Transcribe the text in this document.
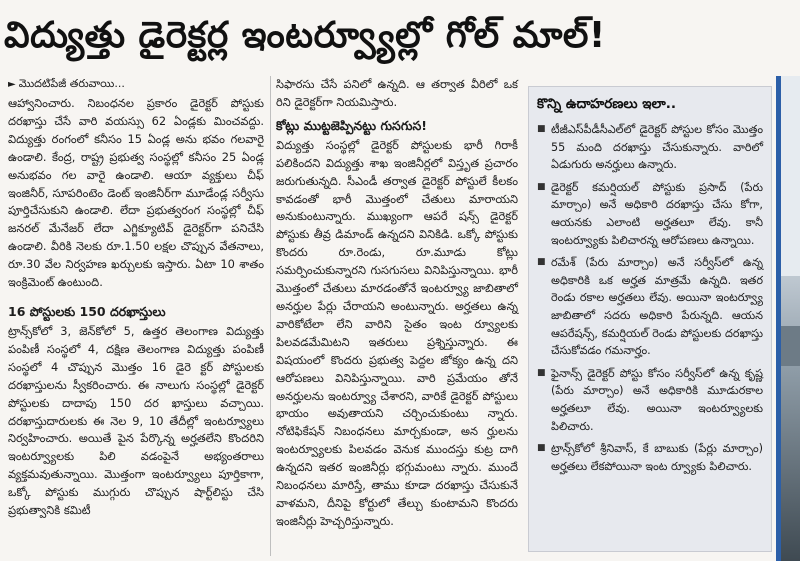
విద్యుత్తు డైరెక్టర్ల ఇంటర్వ్యూల్లో గోల్ మాల్!
► మొదటిపేజీ తరువాయి...

ఆహ్వానించారు. నిబంధనల ప్రకారం డైరెక్టర్ పోస్టుకు దరఖాస్తు చేసే వారి వయస్సు 62 ఏండ్లకు మించవద్దు. విద్యుత్తు రంగంలో కనీసం 15 ఏండ్ల అను భవం గలవారై ఉండాలి. కేంద్ర, రాష్ట్ర ప్రభుత్వ సంస్థల్లో కనీసం 25 ఏండ్ల అనుభవం గల వారై ఉండాలి. ఆయా వ్యక్తులు చీఫ్ ఇంజినీర్, సూపరింటెం డెంట్ ఇంజినీర్‌గా మూడేండ్ల సర్వీసు పూర్తిచేసుకుని ఉండాలి. లేదా ప్రభుత్వరంగ సంస్థల్లో చీఫ్ జనరల్ మేనేజర్ లేదా ఎగ్జిక్యూటివ్ డైరెక్టర్‌గా పనిచేసి ఉండాలి. వీరికి నెలకు రూ.1.50 లక్షల చొప్పున వేతనాలు, రూ.30 వేల నిర్వహణ ఖర్చులకు ఇస్తారు. ఏటా 10 శాతం ఇంక్రిమెంట్ ఉంటుంది.

16 పోస్టులకు 150 దరఖాస్తులు

ట్రాన్స్‌కోలో 3, జెన్‌కోలో 5, ఉత్తర తెలంగాణ విద్యుత్తు పంపిణీ సంస్థలో 4, దక్షిణ తెలంగాణ విద్యుత్తు పంపిణీ సంస్థలో 4 చొప్పున మొత్తం 16 డైరె క్టర్ పోస్టులకు దరఖాస్తులను స్వీకరించారు. ఈ నాలుగు సంస్థల్లో డైరెక్టర్ పోస్టులకు దాదాపు 150 దర ఖాస్తులు వచ్చాయి. దరఖాస్తుదారులకు ఈ నెల 9, 10 తేదీల్లో ఇంటర్వ్యూలు నిర్వహించారు. అయితే పైన పేర్కొన్న అర్హతలేని కొందరిని ఇంటర్వ్యూలకు పిలి వడంపైనే అభ్యంతరాలు వ్యక్తమవుతున్నాయి. మొత్తంగా ఇంటర్వ్యూలు పూర్తికాగా, ఒక్కో పోస్టుకు ముగ్గురు చొప్పున షార్ట్‌లిస్టు చేసి ప్రభుత్వానికి కమిటీ

సిఫారసు చేసే పనిలో ఉన్నది. ఆ తర్వాత వీరిలో ఒక రిని డైరెక్టర్‌గా నియమిస్తారు.

కోట్లు ముట్టజెప్పినట్టు గుసగుస!

విద్యుత్తు సంస్థల్లో డైరెక్టర్ పోస్టులకు భారీ గిరాకీ పలికిందని విద్యుత్తు శాఖ ఇంజినీర్లలో విస్తృత ప్రచారం జరుగుతున్నది. సీఎండీ తర్వాత డైరెక్టర్ పోస్టులే కీలకం కావడంతో భారీ మొత్తంలో చేతులు మారాయని అనుకుంటున్నారు. ముఖ్యంగా ఆపరే షన్స్ డైరెక్టర్ పోస్టుకు తీవ్ర డిమాండ్ ఉన్నదని వినికిడి. ఒక్కో పోస్టుకు కొందరు రూ.రెండు, రూ.మూడు కోట్లు సమర్పించుకున్నారని గుసగుసలు వినిపిస్తున్నాయి. భారీ మొత్తంలో చేతులు మారడంతోనే ఇంటర్వ్యూ జాబితాలో అనర్హుల పేర్లు చేరాయని అంటున్నారు. అర్హతలు ఉన్న వారికోటేలా లేని వారిని సైతం ఇంట ర్వ్యూలకు పిలవడమేమిటని ఇతరులు ప్రశ్నిస్తున్నారు. ఈ విషయంలో కొందరు ప్రభుత్వ పెద్దల జోక్యం ఉన్న దని ఆరోపణలు వినిపిస్తున్నాయి. వారి ప్రమేయం తోనే అనర్హులను ఇంటర్వ్యూ చేశారని, వారికే డైరెక్టర్ పోస్టులు భాయం అవుతాయని చర్చించుకుంటు న్నారు. నోటిఫికేషన్ నిబంధనలు మార్చకుండా, అన ర్హులను ఇంటర్వ్యూలకు పిలవడం వెనుక ముందస్తు కుట్ర దాగి ఉన్నదని ఇతర ఇంజినీర్లు భగ్గుమంటు న్నారు. ముందే నిబంధనలు మారిస్తే, తాము కూడా దరఖాస్తు చేసుకునే వాళమని, దీనిపై కోర్టులో తేల్చు కుంటామని కొందరు ఇంజినీర్లు హెచ్చరిస్తున్నారు.

కొన్ని ఉదాహరణలు ఇలా..
■ టీజీఎస్‌పీడీసీఎల్‌లో డైరెక్టర్ పోస్టుల కోసం మొత్తం 55 మంది దరఖాస్తు చేసుకున్నారు. వారిలో ఏడుగురు అనర్హులు ఉన్నారు.
■ డైరెక్టర్ కమర్షియల్ పోస్టుకు ప్రసాద్ (పేరు మార్చాం) అనే అధికారి దరఖాస్తు చేసు కోగా, ఆయనకు ఎలాంటి అర్హతలూ లేవు. కానీ ఇంటర్వ్యూకు పిలిచారన్న ఆరోపణలు ఉన్నాయి.
■ రమేశ్ (పేరు మార్చాం) అనే సర్వీస్‌లో ఉన్న అధికారికి ఒక అర్హత మాత్రమే ఉన్నది. ఇతర రెండు రకాల అర్హతలు లేవు. అయినా ఇంటర్వ్యూ జాబితాలో సదరు అధికారి పేరున్నది. ఆయన ఆపరేషన్స్, కమర్షియల్ రెండు పోస్టులకు దరఖాస్తు చేసుకోవడం గమనార్హం.
■ ఫైనాన్స్ డైరెక్టర్ పోస్టు కోసం సర్వీస్‌లో ఉన్న కృష్ణ (పేరు మార్చాం) అనే అధికారికి మూడురకాల అర్హతలూ లేవు. అయినా ఇంటర్వ్యూలకు పిలిచారు.
■ ట్రాన్స్‌కోలో శ్రీనివాస్, కే బాబుకు (పేర్లు మార్చాం) అర్హతలు లేకపోయినా ఇంట ర్వ్యూకు పిలిచారు.
